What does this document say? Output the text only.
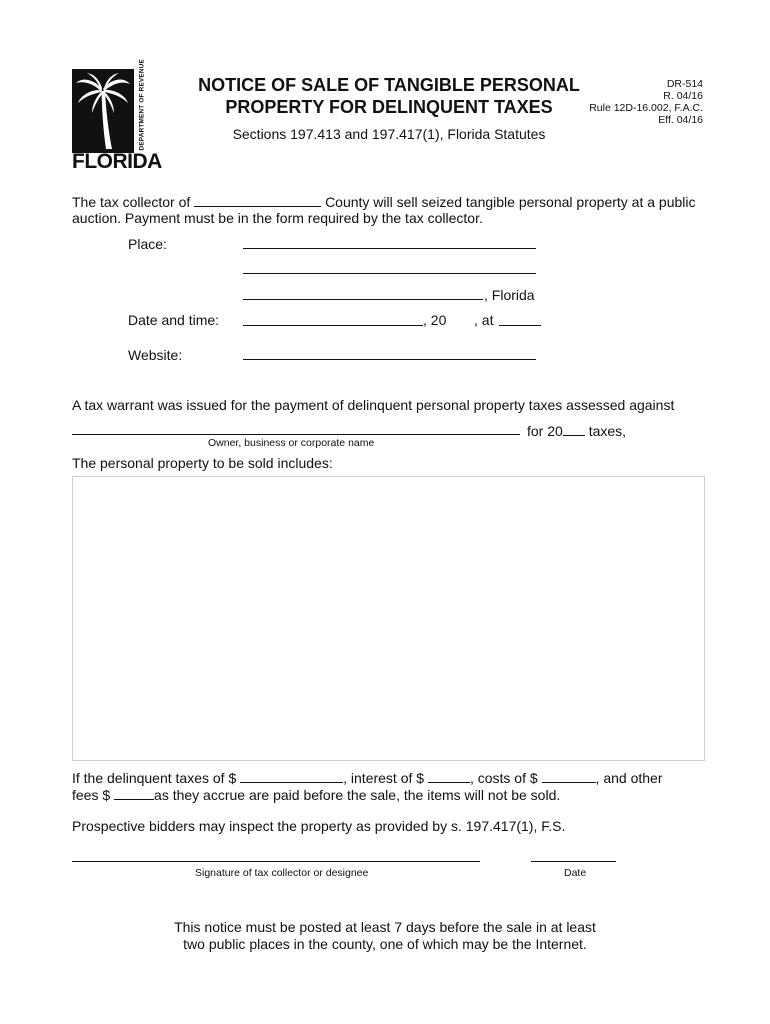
DEPARTMENT OF REVENUE
FLORIDA
NOTICE OF SALE OF TANGIBLE PERSONAL
PROPERTY FOR DELINQUENT TAXES
Sections 197.413 and 197.417(1), Florida Statutes
DR-514
R. 04/16
Rule 12D-16.002, F.A.C.
Eff. 04/16
The tax collector of	County will sell seized tangible personal property at a public
auction. Payment must be in the form required by the tax collector.
Place:
, Florida
Date and time:	, 20 , at
Website:
A tax warrant was issued for the payment of delinquent personal property taxes assessed against
for 20 taxes,
Owner, business or corporate name
The personal property to be sold includes:
If the delinquent taxes of $	, interest of $	, costs of $	, and other
fees $	as they accrue are paid before the sale, the items will not be sold.
Prospective bidders may inspect the property as provided by s. 197.417(1), F.S.
Signature of tax collector or designee	Date
This notice must be posted at least 7 days before the sale in at least
two public places in the county, one of which may be the Internet.
